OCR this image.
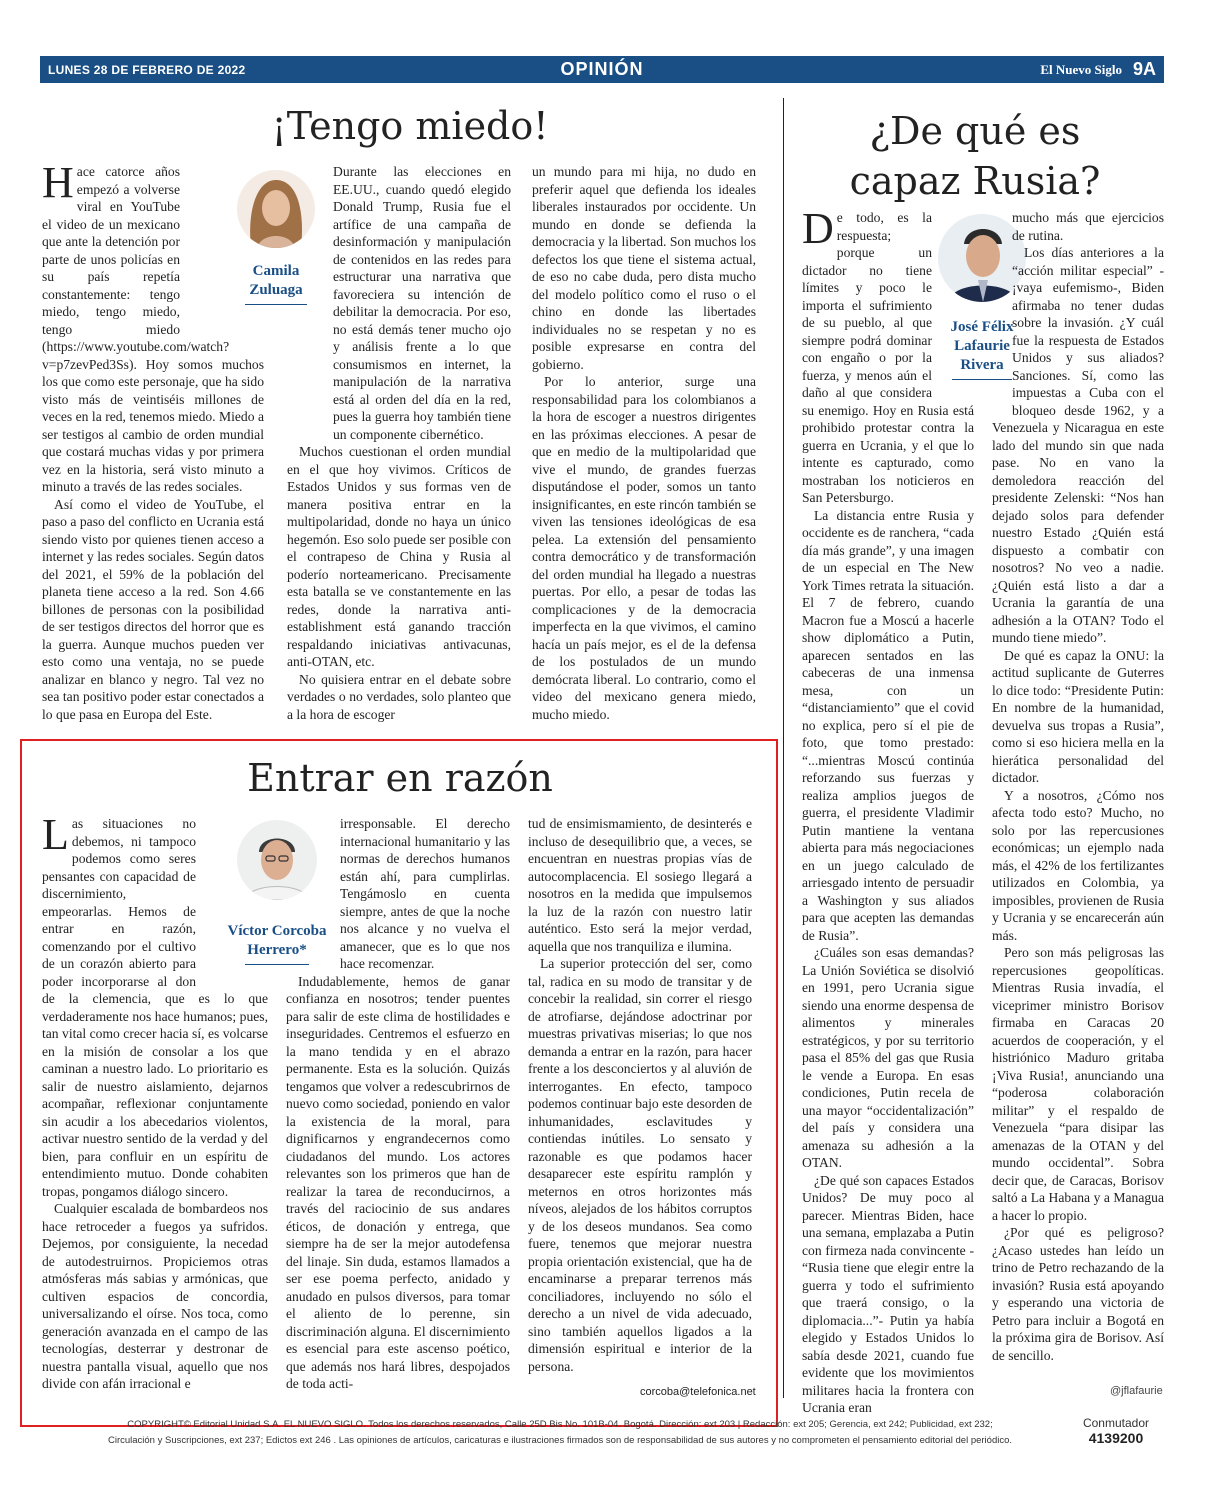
LUNES 28 DE FEBRERO DE 2022	OPINIÓN	El Nuevo Siglo 9A
¡Tengo miedo!

Hace catorce años empezó a volverse viral en YouTube el video de un mexicano que ante la detención por parte de unos policías en su país repetía constantemente: tengo miedo, tengo miedo, tengo miedo (https://www.youtube.com/watch?v=p7zevPed3Ss). Hoy somos muchos los que como este personaje, que ha sido visto más de veintiséis millones de veces en la red, tenemos miedo. Miedo a ser testigos al cambio de orden mundial que costará muchas vidas y por primera vez en la historia, será visto minuto a minuto a través de las redes sociales.

Así como el video de YouTube, el paso a paso del conflicto en Ucrania está siendo visto por quienes tienen acceso a internet y las redes sociales. Según datos del 2021, el 59% de la población del planeta tiene acceso a la red. Son 4.66 billones de personas con la posibilidad de ser testigos directos del horror que es la guerra. Aunque muchos pueden ver esto como una ventaja, no se puede analizar en blanco y negro. Tal vez no sea tan positivo poder estar conectados a lo que pasa en Europa del Este.

Camila
Zuluaga

Durante las elecciones en EE.UU., cuando quedó elegido Donald Trump, Rusia fue el artífice de una campaña de desinformación y manipulación de contenidos en las redes para estructurar una narrativa que favoreciera su intención de debilitar la democracia. Por eso, no está demás tener mucho ojo y análisis frente a lo que consumismos en internet, la manipulación de la narrativa está al orden del día en la red, pues la guerra hoy también tiene un componente cibernético.

Muchos cuestionan el orden mundial en el que hoy vivimos. Críticos de Estados Unidos y sus formas ven de manera positiva entrar en la multipolaridad, donde no haya un único hegemón. Eso solo puede ser posible con el contrapeso de China y Rusia al poderío norteamericano. Precisamente esta batalla se ve constantemente en las redes, donde la narrativa anti-establishment está ganando tracción respaldando iniciativas antivacunas, anti-OTAN, etc.

No quisiera entrar en el debate sobre verdades o no verdades, solo planteo que a la hora de escoger

un mundo para mi hija, no dudo en preferir aquel que defienda los ideales liberales instaurados por occidente. Un mundo en donde se defienda la democracia y la libertad. Son muchos los defectos los que tiene el sistema actual, de eso no cabe duda, pero dista mucho del modelo político como el ruso o el chino en donde las libertades individuales no se respetan y no es posible expresarse en contra del gobierno.

Por lo anterior, surge una responsabilidad para los colombianos a la hora de escoger a nuestros dirigentes en las próximas elecciones. A pesar de que en medio de la multipolaridad que vive el mundo, de grandes fuerzas disputándose el poder, somos un tanto insignificantes, en este rincón también se viven las tensiones ideológicas de esa pelea. La extensión del pensamiento contra democrático y de transformación del orden mundial ha llegado a nuestras puertas. Por ello, a pesar de todas las complicaciones y de la democracia imperfecta en la que vivimos, el camino hacía un país mejor, es el de la defensa de los postulados de un mundo demócrata liberal. Lo contrario, como el video del mexicano genera miedo, mucho miedo.

¿De qué es
capaz Rusia?

De todo, es la respuesta; porque un dictador no tiene límites y poco le importa el sufrimiento de su pueblo, al que siempre podrá dominar con engaño o por la fuerza, y menos aún el daño al que considera su enemigo. Hoy en Rusia está prohibido protestar contra la guerra en Ucrania, y el que lo intente es capturado, como mostraban los noticieros en San Petersburgo.

La distancia entre Rusia y occidente es de ranchera, “cada día más grande”, y una imagen de un especial en The New York Times retrata la situación. El 7 de febrero, cuando Macron fue a Moscú a hacerle show diplomático a Putin, aparecen sentados en las cabeceras de una inmensa mesa, con un “distanciamiento” que el covid no explica, pero sí el pie de foto, que tomo prestado: “...mientras Moscú continúa reforzando sus fuerzas y realiza amplios juegos de guerra, el presidente Vladimir Putin mantiene la ventana abierta para más negociaciones en un juego calculado de arriesgado intento de persuadir a Washington y sus aliados para que acepten las demandas de Rusia”.

¿Cuáles son esas demandas? La Unión Soviética se disolvió en 1991, pero Ucrania sigue siendo una enorme despensa de alimentos y minerales estratégicos, y por su territorio pasa el 85% del gas que Rusia le vende a Europa. En esas condiciones, Putin recela de una mayor “occidentalización” del país y considera una amenaza su adhesión a la OTAN.

¿De qué son capaces Estados Unidos? De muy poco al parecer. Mientras Biden, hace una semana, emplazaba a Putin con firmeza nada convincente - “Rusia tiene que elegir entre la guerra y todo el sufrimiento que traerá consigo, o la diplomacia...”- Putin ya había elegido y Estados Unidos lo sabía desde 2021, cuando fue evidente que los movimientos militares hacia la frontera con Ucrania eran

José Félix
Lafaurie
Rivera

mucho más que ejercicios de rutina.

Los días anteriores a la “acción militar especial” -¡vaya eufemismo-, Biden afirmaba no tener dudas sobre la invasión. ¿Y cuál fue la respuesta de Estados Unidos y sus aliados? Sanciones. Sí, como las impuestas a Cuba con el bloqueo desde 1962, y a Venezuela y Nicaragua en este lado del mundo sin que nada pase. No en vano la demoledora reacción del presidente Zelenski: “Nos han dejado solos para defender nuestro Estado ¿Quién está dispuesto a combatir con nosotros? No veo a nadie. ¿Quién está listo a dar a Ucrania la garantía de una adhesión a la OTAN? Todo el mundo tiene miedo”.

De qué es capaz la ONU: la actitud suplicante de Guterres lo dice todo: “Presidente Putin: En nombre de la humanidad, devuelva sus tropas a Rusia”, como si eso hiciera mella en la hierática personalidad del dictador.

Y a nosotros, ¿Cómo nos afecta todo esto? Mucho, no solo por las repercusiones económicas; un ejemplo nada más, el 42% de los fertilizantes utilizados en Colombia, ya imposibles, provienen de Rusia y Ucrania y se encarecerán aún más.

Pero son más peligrosas las repercusiones geopolíticas. Mientras Rusia invadía, el viceprimer ministro Borisov firmaba en Caracas 20 acuerdos de cooperación, y el histriónico Maduro gritaba ¡Viva Rusia!, anunciando una “poderosa colaboración militar” y el respaldo de Venezuela “para disipar las amenazas de la OTAN y del mundo occidental”. Sobra decir que, de Caracas, Borisov saltó a La Habana y a Managua a hacer lo propio.

¿Por qué es peligroso? ¿Acaso ustedes han leído un trino de Petro rechazando de la invasión? Rusia está apoyando y esperando una victoria de Petro para incluir a Bogotá en la próxima gira de Borisov. Así de sencillo.

@jflafaurie
Entrar en razón

Las situaciones no debemos, ni tampoco podemos como seres pensantes con capacidad de discernimiento, empeorarlas. Hemos de entrar en razón, comenzando por el cultivo de un corazón abierto para poder incorporarse al don de la clemencia, que es lo que verdaderamente nos hace humanos; pues, tan vital como crecer hacia sí, es volcarse en la misión de consolar a los que caminan a nuestro lado. Lo prioritario es salir de nuestro aislamiento, dejarnos acompañar, reflexionar conjuntamente sin acudir a los abecedarios violentos, activar nuestro sentido de la verdad y del bien, para confluir en un espíritu de entendimiento mutuo. Donde cohabiten tropas, pongamos diálogo sincero.

Cualquier escalada de bombardeos nos hace retroceder a fuegos ya sufridos. Dejemos, por consiguiente, la necedad de autodestruirnos. Propiciemos otras atmósferas más sabias y armónicas, que cultiven espacios de concordia, universalizando el oírse. Nos toca, como generación avanzada en el campo de las tecnologías, desterrar y destronar de nuestra pantalla visual, aquello que nos divide con afán irracional e

Víctor Corcoba
Herrero*

irresponsable. El derecho internacional humanitario y las normas de derechos humanos están ahí, para cumplirlas. Tengámoslo en cuenta siempre, antes de que la noche nos alcance y no vuelva el amanecer, que es lo que nos hace recomenzar.

Indudablemente, hemos de ganar confianza en nosotros; tender puentes para salir de este clima de hostilidades e inseguridades. Centremos el esfuerzo en la mano tendida y en el abrazo permanente. Esta es la solución. Quizás tengamos que volver a redescubrirnos de nuevo como sociedad, poniendo en valor la existencia de la moral, para dignificarnos y engrandecernos como ciudadanos del mundo. Los actores relevantes son los primeros que han de realizar la tarea de reconducirnos, a través del raciocinio de sus andares éticos, de donación y entrega, que siempre ha de ser la mejor autodefensa del linaje. Sin duda, estamos llamados a ser ese poema perfecto, anidado y anudado en pulsos diversos, para tomar el aliento de lo perenne, sin discriminación alguna. El discernimiento es esencial para este ascenso poético, que además nos hará libres, despojados de toda acti-

tud de ensimismamiento, de desinterés e incluso de desequilibrio que, a veces, se encuentran en nuestras propias vías de autocomplacencia. El sosiego llegará a nosotros en la medida que impulsemos la luz de la razón con nuestro latir auténtico. Esto será la mejor verdad, aquella que nos tranquiliza e ilumina.

La superior protección del ser, como tal, radica en su modo de transitar y de concebir la realidad, sin correr el riesgo de atrofiarse, dejándose adoctrinar por muestras privativas miserias; lo que nos demanda a entrar en la razón, para hacer frente a los desconciertos y al aluvión de interrogantes. En efecto, tampoco podemos continuar bajo este desorden de inhumanidades, esclavitudes y contiendas inútiles. Lo sensato y razonable es que podamos hacer desaparecer este espíritu ramplón y meternos en otros horizontes más níveos, alejados de los hábitos corruptos y de los deseos mundanos. Sea como fuere, tenemos que mejorar nuestra propia orientación existencial, que ha de encaminarse a preparar terrenos más conciliadores, incluyendo no sólo el derecho a un nivel de vida adecuado, sino también aquellos ligados a la dimensión espiritual e interior de la persona.

corcoba@telefonica.net
COPYRIGHT© Editorial Unidad S.A. EL NUEVO SIGLO. Todos los derechos reservados, Calle 25D Bis No. 101B-04. Bogotá. Dirección: ext 203 | Redacción: ext 205; Gerencia, ext 242; Publicidad, ext 232;
Circulación y Suscripciones, ext 237; Edictos ext 246 . Las opiniones de artículos, caricaturas e ilustraciones firmados son de responsabilidad de sus autores y no comprometen el pensamiento editorial del periódico.
Conmutador
4139200
